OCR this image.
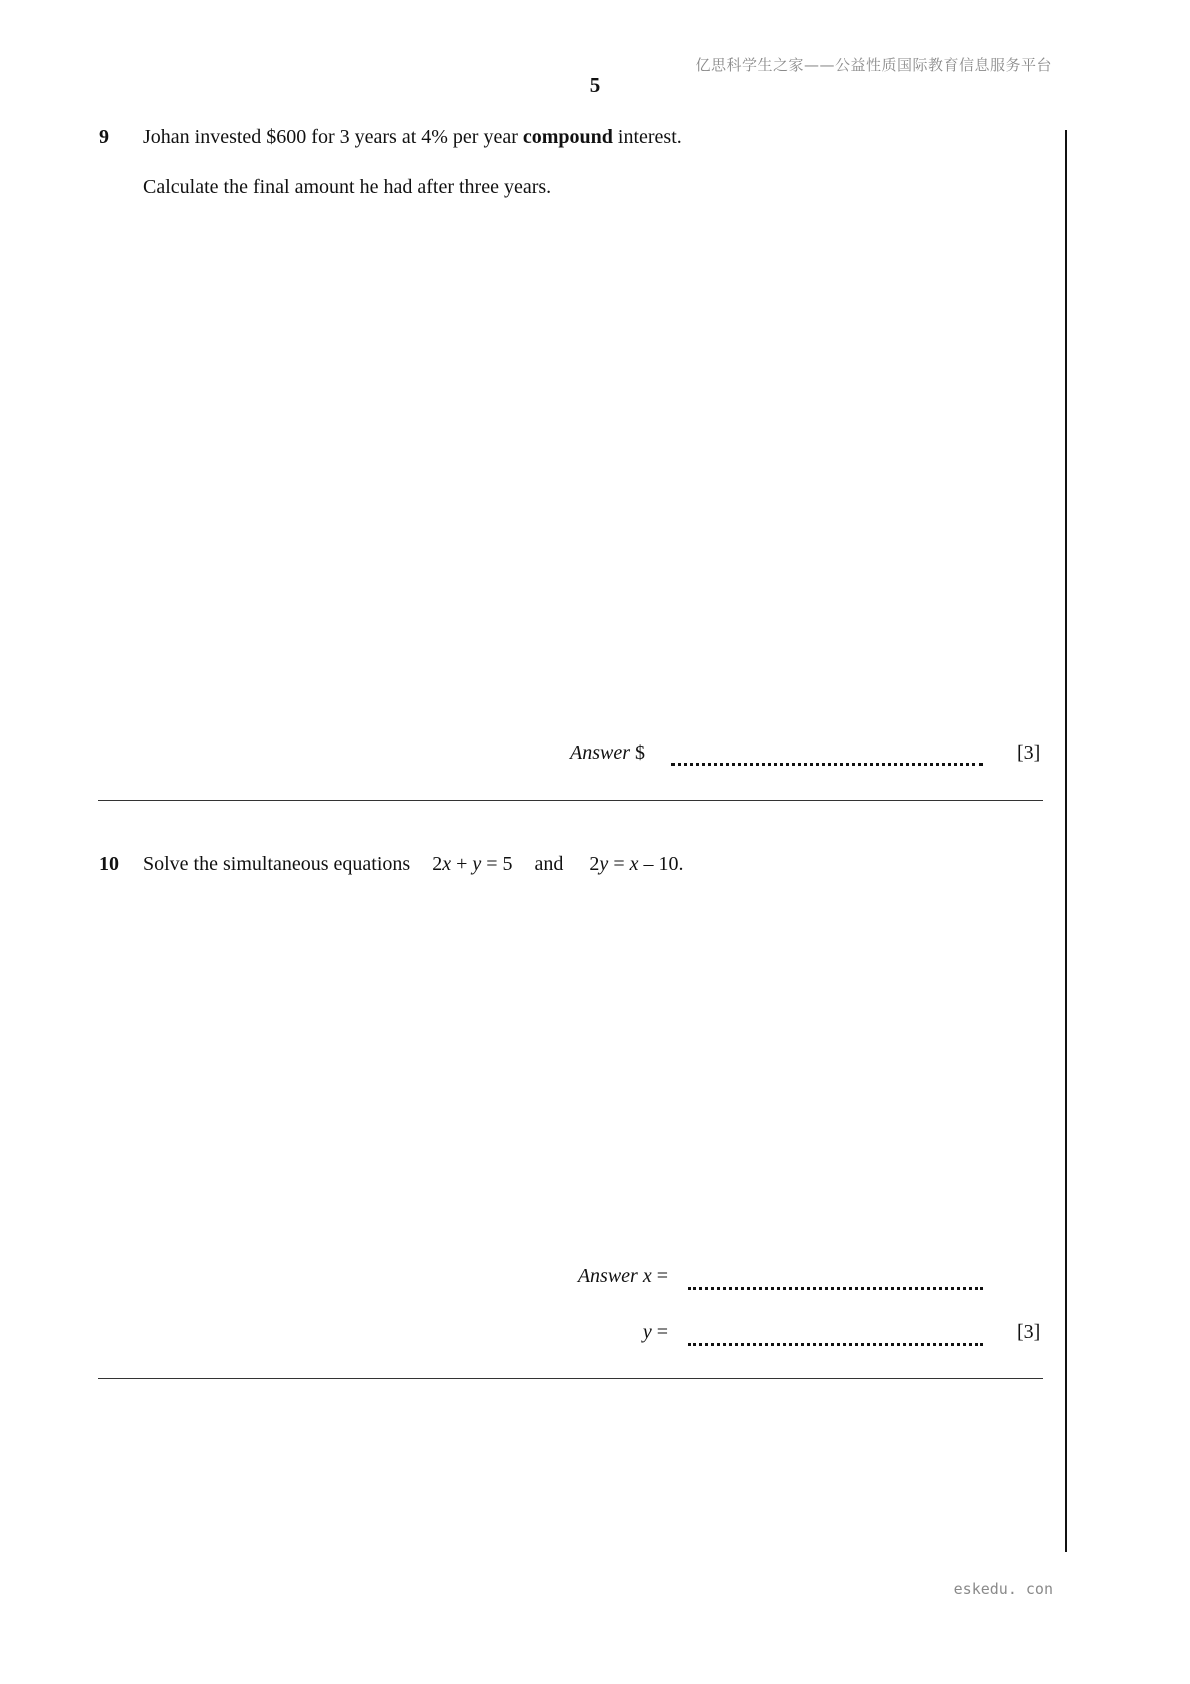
亿思科学生之家——公益性质国际教育信息服务平台
5
9 Johan invested $600 for 3 years at 4% per year compound interest.
Calculate the final amount he had after three years.
Answer $	[3]
10 Solve the simultaneous equations 2x + y = 5 and 2y = x – 10.
Answer x =
y =	[3]
eskedu. con
